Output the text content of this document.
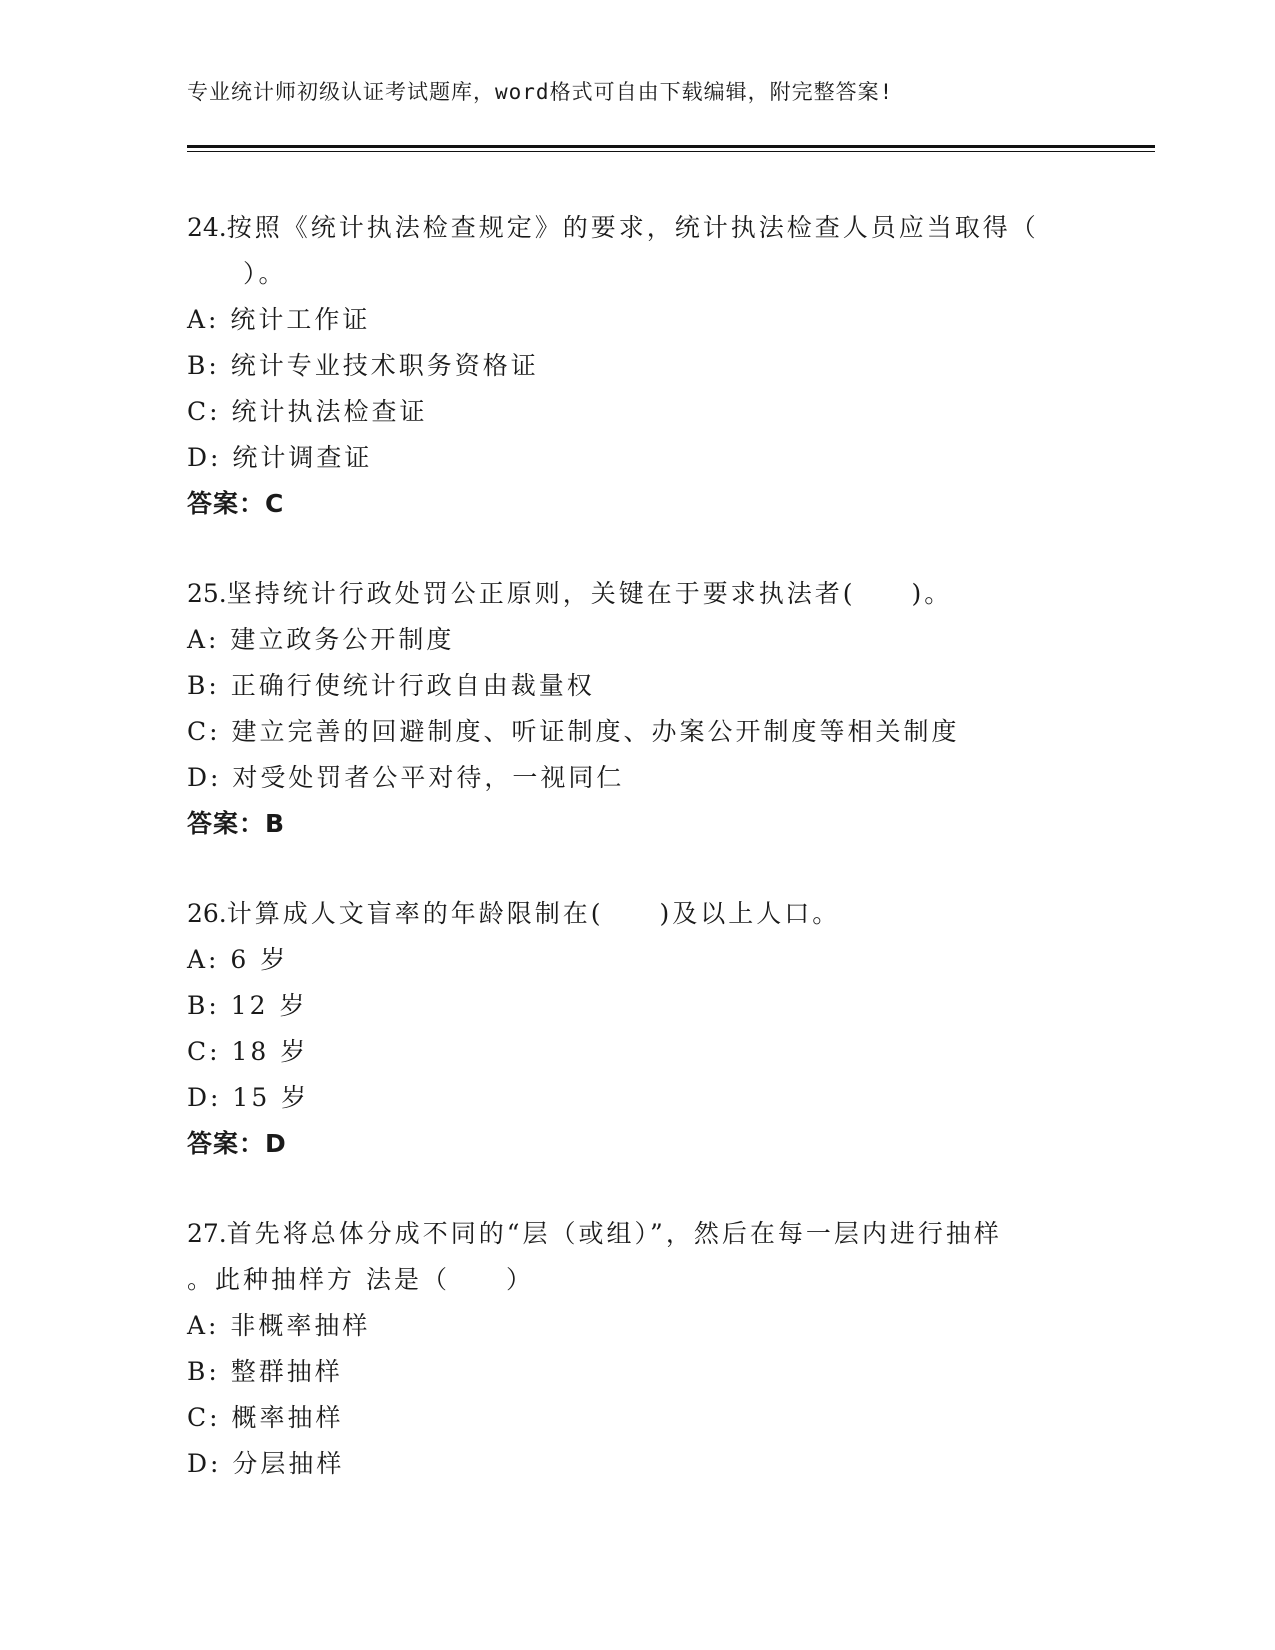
专业统计师初级认证考试题库，word格式可自由下载编辑，附完整答案!
24.按照《统计执法检查规定》的要求，统计执法检查人员应当取得（
　　）。
A: 统计工作证
B: 统计专业技术职务资格证
C: 统计执法检查证
D: 统计调查证
答案：C
25.坚持统计行政处罚公正原则，关键在于要求执法者(　　)。
A: 建立政务公开制度
B: 正确行使统计行政自由裁量权
C: 建立完善的回避制度、听证制度、办案公开制度等相关制度
D: 对受处罚者公平对待，一视同仁
答案：B
26.计算成人文盲率的年龄限制在(　　)及以上人口。
A: 6 岁
B: 12 岁
C: 18 岁
D: 15 岁
答案：D
27.首先将总体分成不同的“层（或组）”，然后在每一层内进行抽样
。此种抽样方 法是（　　）
A: 非概率抽样
B: 整群抽样
C: 概率抽样
D: 分层抽样
